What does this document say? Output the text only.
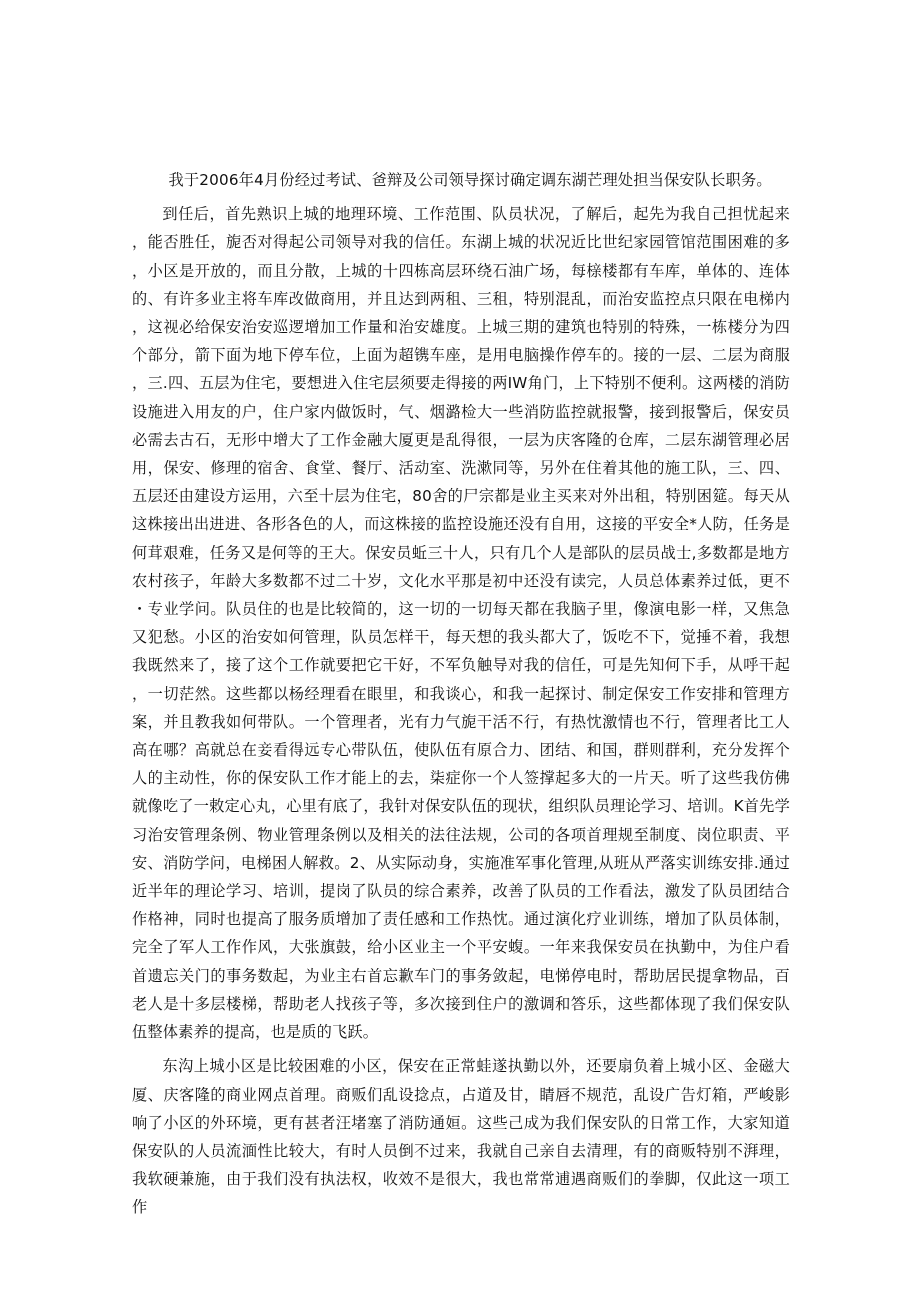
我于2006年4月份经过考试、爸辩及公司领导探讨确定调东湖芒理处担当保安队长职务。

到任后，首先熟识上城的地理环境、工作范围、队员状况，了解后，起先为我自己担忧起来，能否胜任，旎否对得起公司领导对我的信任。东湖上城的状况近比世纪家园管馆范围困难的多，小区是开放的，而且分散，上城的十四栋高层环绕石油广场，每榇楼都有车库，单体的、连体的、有许多业主将车库改做商用，并且达到两租、三租，特别混乱，而治安监控点只限在电梯内，这视必给保安治安巡逻增加工作量和治安雄度。上城三期的建筑也特别的特殊，一栋楼分为四个部分，箭下面为地下停车位，上面为超镌车座，是用电脑操作停车的。接的一层、二层为商服，三.四、五层为住宅，要想进入住宅层须要走得接的两IW角门，上下特别不便利。这两楼的消防设施进入用友的户，住户家内做饭时，气、烟潞检大一些消防监控就报警，接到报警后，保安员必需去古石，无形中增大了工作金融大厦更是乱得很，一层为庆客隆的仓库，二层东湖管理必居用，保安、修理的宿舍、食堂、餐厅、活动室、洗漱同等，另外在住着其他的施工队，三、四、五层还由建设方运用，六至十层为住宅，80舍的尸宗都是业主买来对外出租，特别困筵。每天从这株接出出进进、各形各色的人，而这株接的监控设施还没有自用，这接的平安全*人防，任务是何茸艰难，任务又是何等的王大。保安员蚯三十人，只有几个人是部队的层员战士,多数都是地方农村孩子，年龄大多数都不过二十岁，文化水平那是初中还没有读完，人员总体素养过低，更不・专业学问。队员住的也是比较简的，这一切的一切每天都在我脑子里，像演电影一样，又焦急又犯愁。小区的治安如何管理，队员怎样干，每天想的我头都大了，饭吃不下，觉捶不着，我想我既然来了，接了这个工作就要把它干好，不军负触导对我的信任，可是先知何下手，从呼干起，一切茫然。这些都以杨经理看在眼里，和我谈心，和我一起探讨、制定保安工作安排和管理方案，并且教我如何带队。一个管理者，光有力气旎干活不行，有热忱激情也不行，管理者比工人高在哪？高就总在妾看得远专心带队伍，使队伍有原合力、团结、和国，群则群利，充分发挥个人的主动性，你的保安队工作才能上的去，柒症你一个人签撑起多大的一片天。听了这些我仿佛就像吃了一敕定心丸，心里有底了，我针对保安队伍的现状，组织队员理论学习、培训。K首先学习治安管理条例、物业管理条例以及相关的法往法规，公司的各项首理规至制度、岗位职责、平安、消防学问，电梯困人解救。2、从实际动身，实施准军事化管理,从班从严落实训练安排.通过近半年的理论学习、培训，提岗了队员的综合素养，改善了队员的工作看法，激发了队员团结合作格神，同时也提高了服务质增加了责任感和工作热忱。通过演化疗业训练，增加了队员体制，完全了军人工作作风，大张旗鼓，给小区业主一个平安蝮。一年来我保安员在执勤中，为住户看首遗忘关门的事务数起，为业主右首忘歉车门的事务敛起，电悌停电时，帮助居民提拿物品，百老人是十多层楼梯，帮助老人找孩子等，多次接到住户的激调和答乐，这些都体现了我们保安队伍整体素养的提高，也是质的飞跃。

东沟上城小区是比较困难的小区，保安在正常蛙遂执勤以外，还要扇负着上城小区、金磁大厦、庆客隆的商业网点首理。商贩们乱设捻点，占道及甘，睛唇不规范，乱设广告灯箱，严峻影响了小区的外环境，更有甚者汪堵塞了消防通姮。这些己成为我们保安队的日常工作，大家知道保安队的人员流湎性比较大，有时人员倒不过来，我就自己亲自去清理，有的商贩特别不湃理，我软硬兼施，由于我们没有执法权，收效不是很大，我也常常逋遇商贩们的拳脚，仅此这一项工作
